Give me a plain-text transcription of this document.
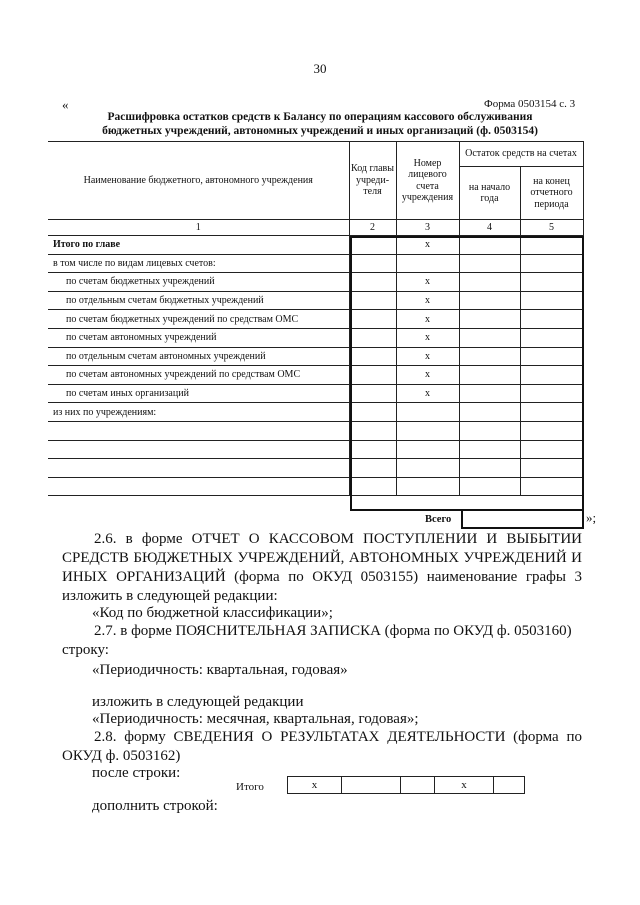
30
«	Форма 0503154 с. 3
Расшифровка остатков средств к Балансу по операциям кассового обслуживания
бюджетных учреждений, автономных учреждений и иных организаций (ф. 0503154)
Наименование бюджетного, автономного учреждения	Код главы учреди-теля	Номер лицевого счета учреждения	Остаток средств на счетах	
			на начало года	на конец отчетного периода
1	2	3	4	5
Итого по главе		x		
в том числе по видам лицевых счетов:				
по счетам бюджетных учреждений		x		
по отдельным счетам бюджетных учреждений		x		
по счетам бюджетных учреждений по средствам ОМС		x		
по счетам автономных учреждений		x		
по отдельным счетам автономных учреждений		x		
по счетам автономных учреждений по средствам ОМС		x		
по счетам иных организаций		x		
из них по учреждениям:				

Всего	»;
2.6. в форме ОТЧЕТ О КАССОВОМ ПОСТУПЛЕНИИ И ВЫБЫТИИ СРЕДСТВ БЮДЖЕТНЫХ УЧРЕЖДЕНИЙ, АВТОНОМНЫХ УЧРЕЖДЕНИЙ И ИНЫХ ОРГАНИЗАЦИЙ (форма по ОКУД 0503155) наименование графы 3 изложить в следующей редакции:
«Код по бюджетной классификации»;
2.7. в форме ПОЯСНИТЕЛЬНАЯ ЗАПИСКА (форма по ОКУД ф. 0503160) строку:
«Периодичность: квартальная, годовая»
изложить в следующей редакции
«Периодичность: месячная, квартальная, годовая»;
2.8. форму СВЕДЕНИЯ О РЕЗУЛЬТАТАХ ДЕЯТЕЛЬНОСТИ (форма по ОКУД ф. 0503162)
после строки:
Итого	x			x	
дополнить строкой:
